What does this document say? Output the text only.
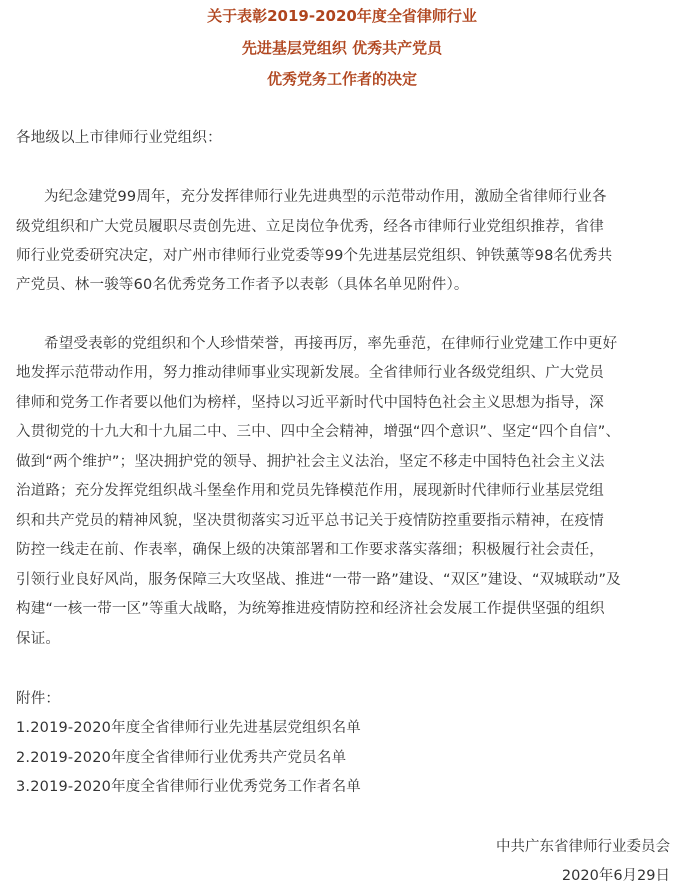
关于表彰2019-2020年度全省律师行业
先进基层党组织 优秀共产党员
优秀党务工作者的决定
各地级以上市律师行业党组织：
为纪念建党99周年，充分发挥律师行业先进典型的示范带动作用，激励全省律师行业各
级党组织和广大党员履职尽责创先进、立足岗位争优秀，经各市律师行业党组织推荐，省律
师行业党委研究决定，对广州市律师行业党委等99个先进基层党组织、钟铁薰等98名优秀共
产党员、林一骏等60名优秀党务工作者予以表彰（具体名单见附件）。
希望受表彰的党组织和个人珍惜荣誉，再接再厉，率先垂范，在律师行业党建工作中更好
地发挥示范带动作用，努力推动律师事业实现新发展。全省律师行业各级党组织、广大党员
律师和党务工作者要以他们为榜样，坚持以习近平新时代中国特色社会主义思想为指导，深
入贯彻党的十九大和十九届二中、三中、四中全会精神，增强“四个意识”、坚定“四个自信”、
做到“两个维护”；坚决拥护党的领导、拥护社会主义法治，坚定不移走中国特色社会主义法
治道路；充分发挥党组织战斗堡垒作用和党员先锋模范作用，展现新时代律师行业基层党组
织和共产党员的精神风貌，坚决贯彻落实习近平总书记关于疫情防控重要指示精神，在疫情
防控一线走在前、作表率，确保上级的决策部署和工作要求落实落细；积极履行社会责任，
引领行业良好风尚，服务保障三大攻坚战、推进“一带一路”建设、“双区”建设、“双城联动”及
构建“一核一带一区”等重大战略，为统筹推进疫情防控和经济社会发展工作提供坚强的组织
保证。
附件：
1.2019-2020年度全省律师行业先进基层党组织名单
2.2019-2020年度全省律师行业优秀共产党员名单
3.2019-2020年度全省律师行业优秀党务工作者名单
中共广东省律师行业委员会
2020年6月29日
